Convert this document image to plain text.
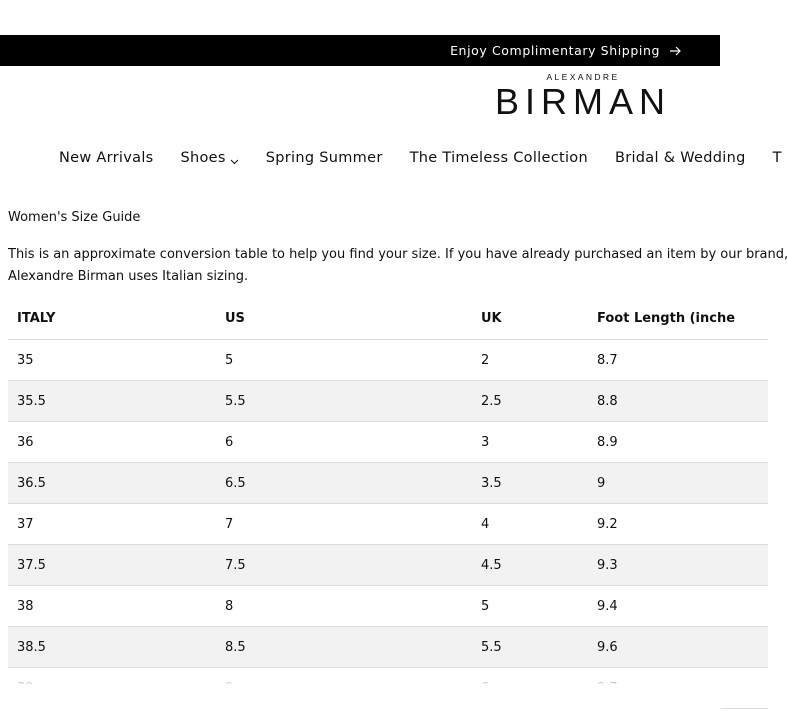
Enjoy Complimentary Shipping
ALEXANDRE
BIRMAN
New Arrivals Shoes	Spring Summer The Timeless Collection Bridal & Wedding T
Women's Size Guide
This is an approximate conversion table to help you find your size. If you have already purchased an item by our brand,
Alexandre Birman uses Italian sizing.
ITALY	US	UK	Foot Length (inche
35	5	2	8.7
35.5	5.5	2.5	8.8
36	6	3	8.9
36.5	6.5	3.5	9
37	7	4	9.2
37.5	7.5	4.5	9.3
38	8	5	9.4
38.5	8.5	5.5	9.6
